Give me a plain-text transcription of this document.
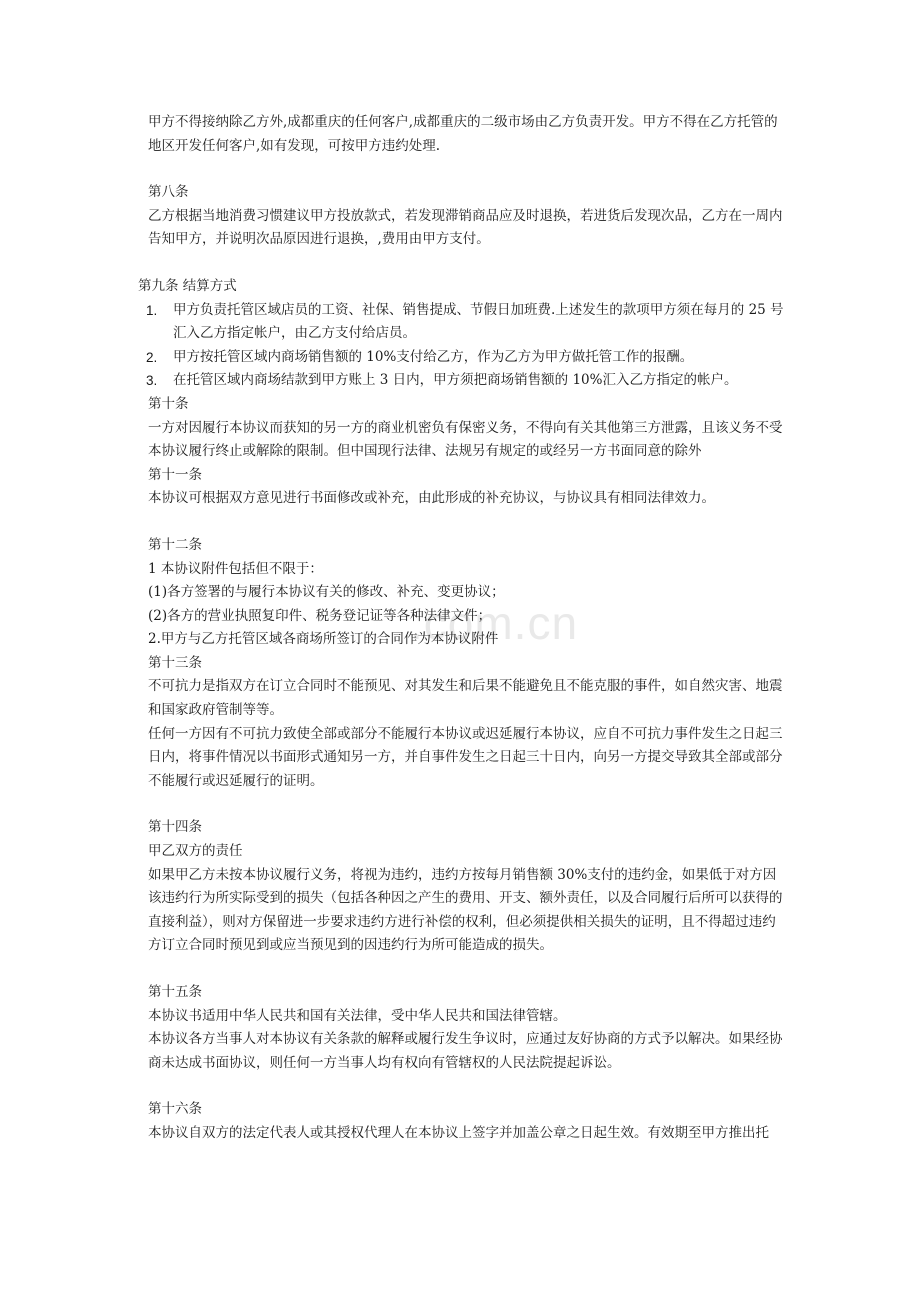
.com.cn

甲方不得接纳除乙方外,成都重庆的任何客户,成都重庆的二级市场由乙方负责开发。甲方不得在乙方托管的地区开发任何客户,如有发现，可按甲方违约处理.

第八条

乙方根据当地消费习惯建议甲方投放款式，若发现滞销商品应及时退换，若进货后发现次品，乙方在一周内告知甲方，并说明次品原因进行退换，,费用由甲方支付。

第九条 结算方式

1.	甲方负责托管区域店员的工资、社保、销售提成、节假日加班费.上述发生的款项甲方须在每月的 25 号汇入乙方指定帐户，由乙方支付给店员。
2.	甲方按托管区域内商场销售额的 10%支付给乙方，作为乙方为甲方做托管工作的报酬。
3.	在托管区域内商场结款到甲方账上 3 日内，甲方须把商场销售额的 10%汇入乙方指定的帐户。

第十条

一方对因履行本协议而获知的另一方的商业机密负有保密义务，不得向有关其他第三方泄露，且该义务不受本协议履行终止或解除的限制。但中国现行法律、法规另有规定的或经另一方书面同意的除外

第十一条

本协议可根据双方意见进行书面修改或补充，由此形成的补充协议，与协议具有相同法律效力。

第十二条

1 本协议附件包括但不限于：

(1)各方签署的与履行本协议有关的修改、补充、变更协议；

(2)各方的营业执照复印件、税务登记证等各种法律文件；

2.甲方与乙方托管区域各商场所签订的合同作为本协议附件

第十三条

不可抗力是指双方在订立合同时不能预见、对其发生和后果不能避免且不能克服的事件，如自然灾害、地震和国家政府管制等等。

任何一方因有不可抗力致使全部或部分不能履行本协议或迟延履行本协议，应自不可抗力事件发生之日起三日内，将事件情况以书面形式通知另一方，并自事件发生之日起三十日内，向另一方提交导致其全部或部分不能履行或迟延履行的证明。

第十四条

甲乙双方的责任

如果甲乙方未按本协议履行义务，将视为违约，违约方按每月销售额 30%支付的违约金，如果低于对方因该违约行为所实际受到的损失（包括各种因之产生的费用、开支、额外责任，以及合同履行后所可以获得的直接利益），则对方保留进一步要求违约方进行补偿的权利，但必须提供相关损失的证明，且不得超过违约方订立合同时预见到或应当预见到的因违约行为所可能造成的损失。

第十五条

本协议书适用中华人民共和国有关法律，受中华人民共和国法律管辖。

本协议各方当事人对本协议有关条款的解释或履行发生争议时，应通过友好协商的方式予以解决。如果经协商未达成书面协议，则任何一方当事人均有权向有管辖权的人民法院提起诉讼。

第十六条

本协议自双方的法定代表人或其授权代理人在本协议上签字并加盖公章之日起生效。有效期至甲方推出托
